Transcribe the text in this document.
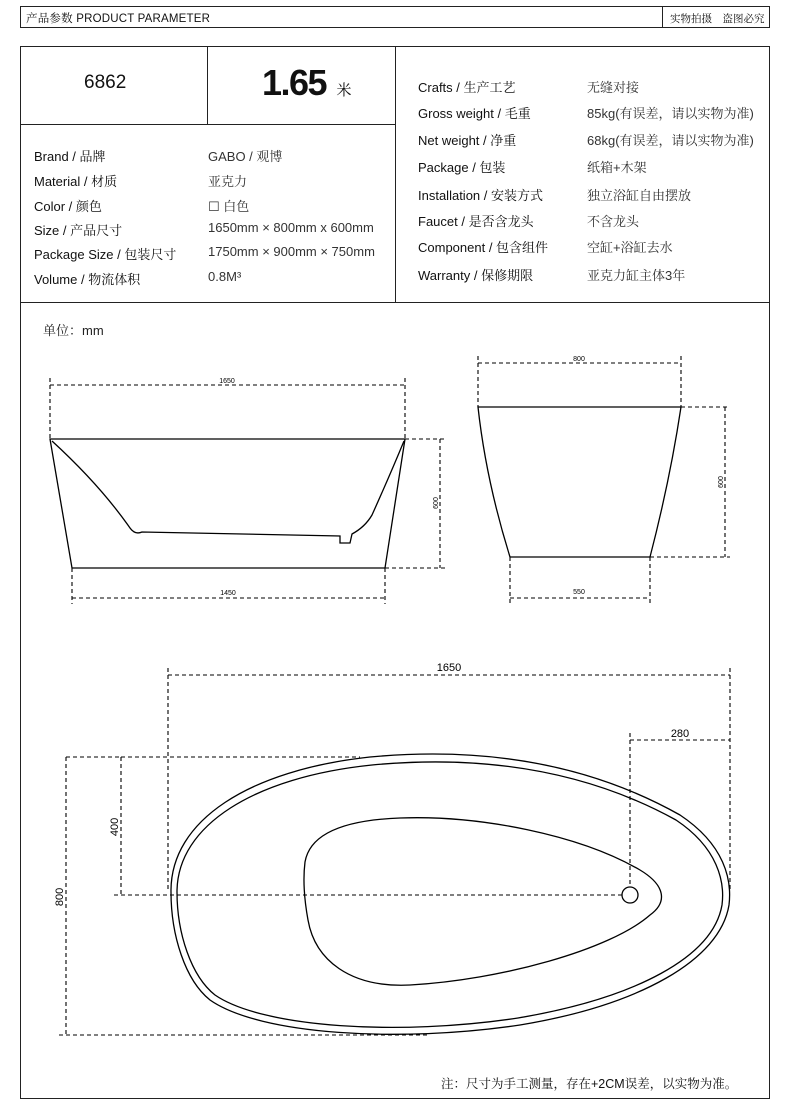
产品参数 PRODUCT PARAMETER	实物拍摄　盗图必究
6862	1.65 米
Brand / 品牌	GABO / 观博
Material / 材质	亚克力
Color / 颜色	☐ 白色
Size / 产品尺寸	1650mm × 800mm x 600mm
Package Size / 包装尺寸 1750mm × 900mm × 750mm
Volume / 物流体积	0.8M³
Crafts / 生产工艺	无缝对接
Gross weight / 毛重	85kg(有误差，请以实物为准)
Net weight / 净重	68kg(有误差，请以实物为准)
Package / 包装	纸箱+木架
Installation / 安装方式	独立浴缸自由摆放
Faucet / 是否含龙头	不含龙头
Component / 包含组件	空缸+浴缸去水
Warranty / 保修期限	亚克力缸主体3年
单位：mm
1650
600
1450
800
600
550
1650
280
400
800
注：尺寸为手工测量，存在+2CM误差，以实物为准。
